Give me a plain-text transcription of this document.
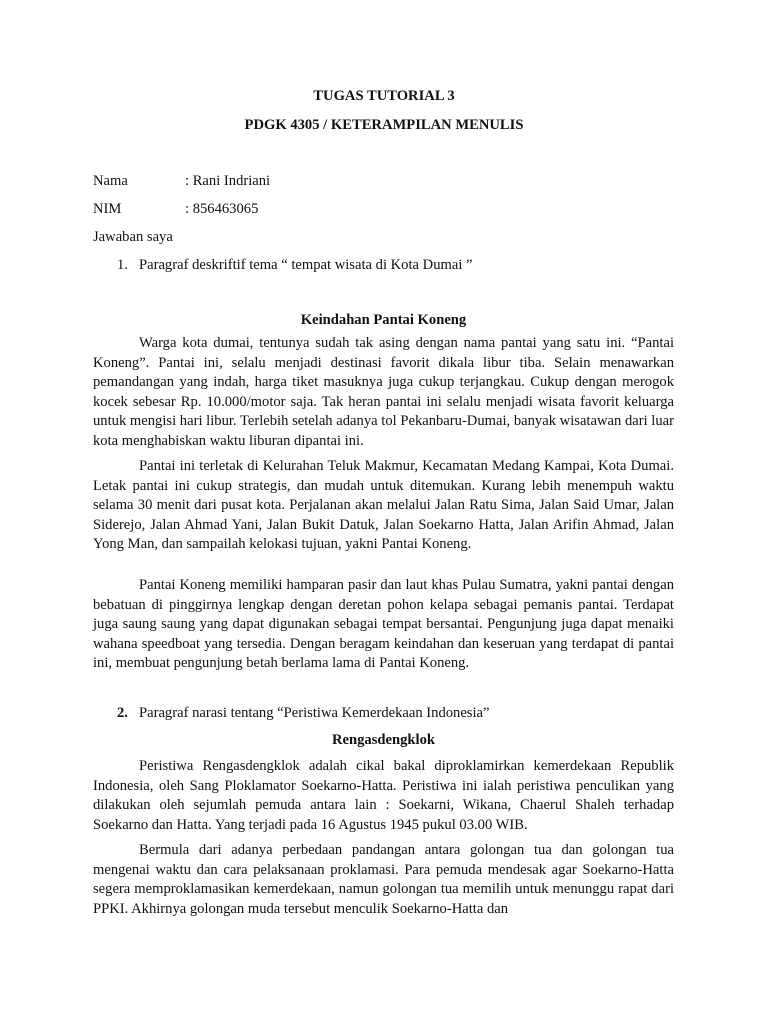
TUGAS TUTORIAL 3
PDGK 4305 / KETERAMPILAN MENULIS
Nama	: Rani Indriani
NIM	: 856463065
Jawaban saya
1. Paragraf deskriftif tema “ tempat wisata di Kota Dumai ”
Keindahan Pantai Koneng

Warga kota dumai, tentunya sudah tak asing dengan nama pantai yang satu ini. “Pantai Koneng”. Pantai ini, selalu menjadi destinasi favorit dikala libur tiba. Selain menawarkan pemandangan yang indah, harga tiket masuknya juga cukup terjangkau. Cukup dengan merogok kocek sebesar Rp. 10.000/motor saja. Tak heran pantai ini selalu menjadi wisata favorit keluarga untuk mengisi hari libur. Terlebih setelah adanya tol Pekanbaru-Dumai, banyak wisatawan dari luar kota menghabiskan waktu liburan dipantai ini.

Pantai ini terletak di Kelurahan Teluk Makmur, Kecamatan Medang Kampai, Kota Dumai. Letak pantai ini cukup strategis, dan mudah untuk ditemukan. Kurang lebih menempuh waktu selama 30 menit dari pusat kota. Perjalanan akan melalui Jalan Ratu Sima, Jalan Said Umar, Jalan Siderejo, Jalan Ahmad Yani, Jalan Bukit Datuk, Jalan Soekarno Hatta, Jalan Arifin Ahmad, Jalan Yong Man, dan sampailah kelokasi tujuan, yakni Pantai Koneng.

Pantai Koneng memiliki hamparan pasir dan laut khas Pulau Sumatra, yakni pantai dengan bebatuan di pinggirnya lengkap dengan deretan pohon kelapa sebagai pemanis pantai. Terdapat juga saung saung yang dapat digunakan sebagai tempat bersantai. Pengunjung juga dapat menaiki wahana speedboat yang tersedia. Dengan beragam keindahan dan keseruan yang terdapat di pantai ini, membuat pengunjung betah berlama lama di Pantai Koneng.

2. Paragraf narasi tentang “Peristiwa Kemerdekaan Indonesia”
Rengasdengklok

Peristiwa Rengasdengklok adalah cikal bakal diproklamirkan kemerdekaan Republik Indonesia, oleh Sang Ploklamator Soekarno-Hatta. Peristiwa ini ialah peristiwa penculikan yang dilakukan oleh sejumlah pemuda antara lain : Soekarni, Wikana, Chaerul Shaleh terhadap Soekarno dan Hatta. Yang terjadi pada 16 Agustus 1945 pukul 03.00 WIB.

Bermula dari adanya perbedaan pandangan antara golongan tua dan golongan tua mengenai waktu dan cara pelaksanaan proklamasi. Para pemuda mendesak agar Soekarno-Hatta segera memproklamasikan kemerdekaan, namun golongan tua memilih untuk menunggu rapat dari PPKI. Akhirnya golongan muda tersebut menculik Soekarno-Hatta dan
